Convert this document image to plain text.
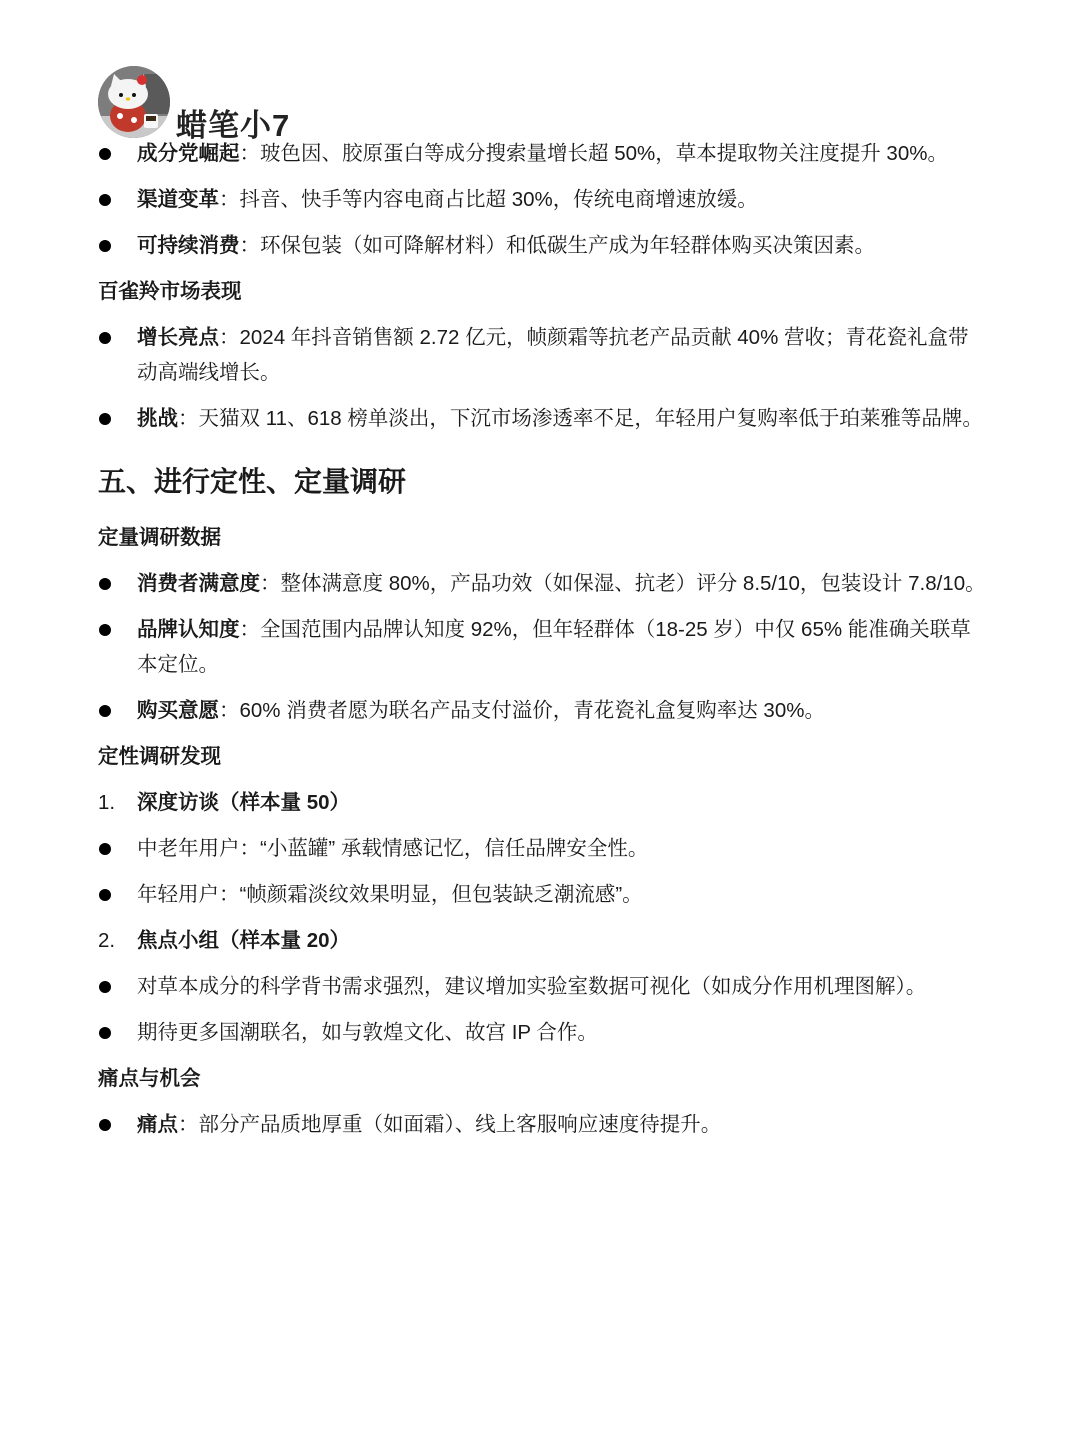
蜡笔小7
成分党崛起：玻色因、胶原蛋白等成分搜索量增长超 50%，草本提取物关注度提升 30%。
渠道变革：抖音、快手等内容电商占比超 30%，传统电商增速放缓。
可持续消费：环保包装（如可降解材料）和低碳生产成为年轻群体购买决策因素。
百雀羚市场表现
增长亮点：2024 年抖音销售额 2.72 亿元，帧颜霜等抗老产品贡献 40% 营收；青花瓷礼盒带动高端线增长。
挑战：天猫双 11、618 榜单淡出，下沉市场渗透率不足，年轻用户复购率低于珀莱雅等品牌。
五、进行定性、定量调研
定量调研数据
消费者满意度：整体满意度 80%，产品功效（如保湿、抗老）评分 8.5/10，包装设计 7.8/10。
品牌认知度：全国范围内品牌认知度 92%，但年轻群体（18-25 岁）中仅 65% 能准确关联草本定位。
购买意愿：60% 消费者愿为联名产品支付溢价，青花瓷礼盒复购率达 30%。
定性调研发现
1. 深度访谈（样本量 50）
中老年用户：“小蓝罐” 承载情感记忆，信任品牌安全性。
年轻用户：“帧颜霜淡纹效果明显，但包装缺乏潮流感”。
2. 焦点小组（样本量 20）
对草本成分的科学背书需求强烈，建议增加实验室数据可视化（如成分作用机理图解）。
期待更多国潮联名，如与敦煌文化、故宫 IP 合作。
痛点与机会
痛点：部分产品质地厚重（如面霜）、线上客服响应速度待提升。
